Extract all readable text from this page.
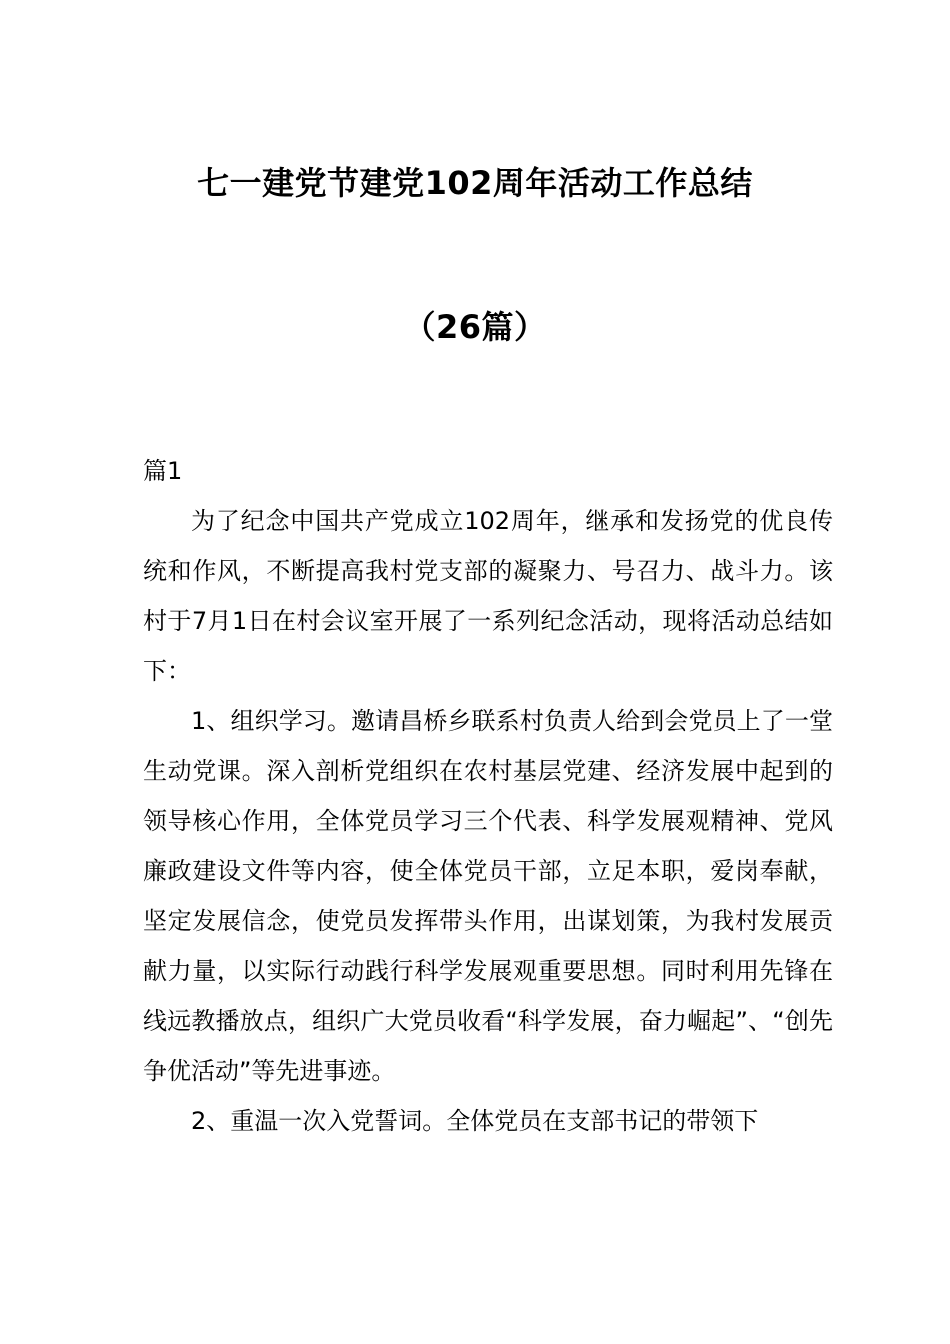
七一建党节建党102周年活动工作总结
（26篇）

篇1

为了纪念中国共产党成立102周年，继承和发扬党的优良传统和作风，不断提高我村党支部的凝聚力、号召力、战斗力。该村于7月1日在村会议室开展了一系列纪念活动，现将活动总结如下：

1、组织学习。邀请昌桥乡联系村负责人给到会党员上了一堂生动党课。深入剖析党组织在农村基层党建、经济发展中起到的领导核心作用，全体党员学习三个代表、科学发展观精神、党风廉政建设文件等内容，使全体党员干部，立足本职，爱岗奉献，坚定发展信念，使党员发挥带头作用，出谋划策，为我村发展贡献力量，以实际行动践行科学发展观重要思想。同时利用先锋在线远教播放点，组织广大党员收看“科学发展，奋力崛起”、“创先争优活动”等先进事迹。

2、重温一次入党誓词。全体党员在支部书记的带领下
